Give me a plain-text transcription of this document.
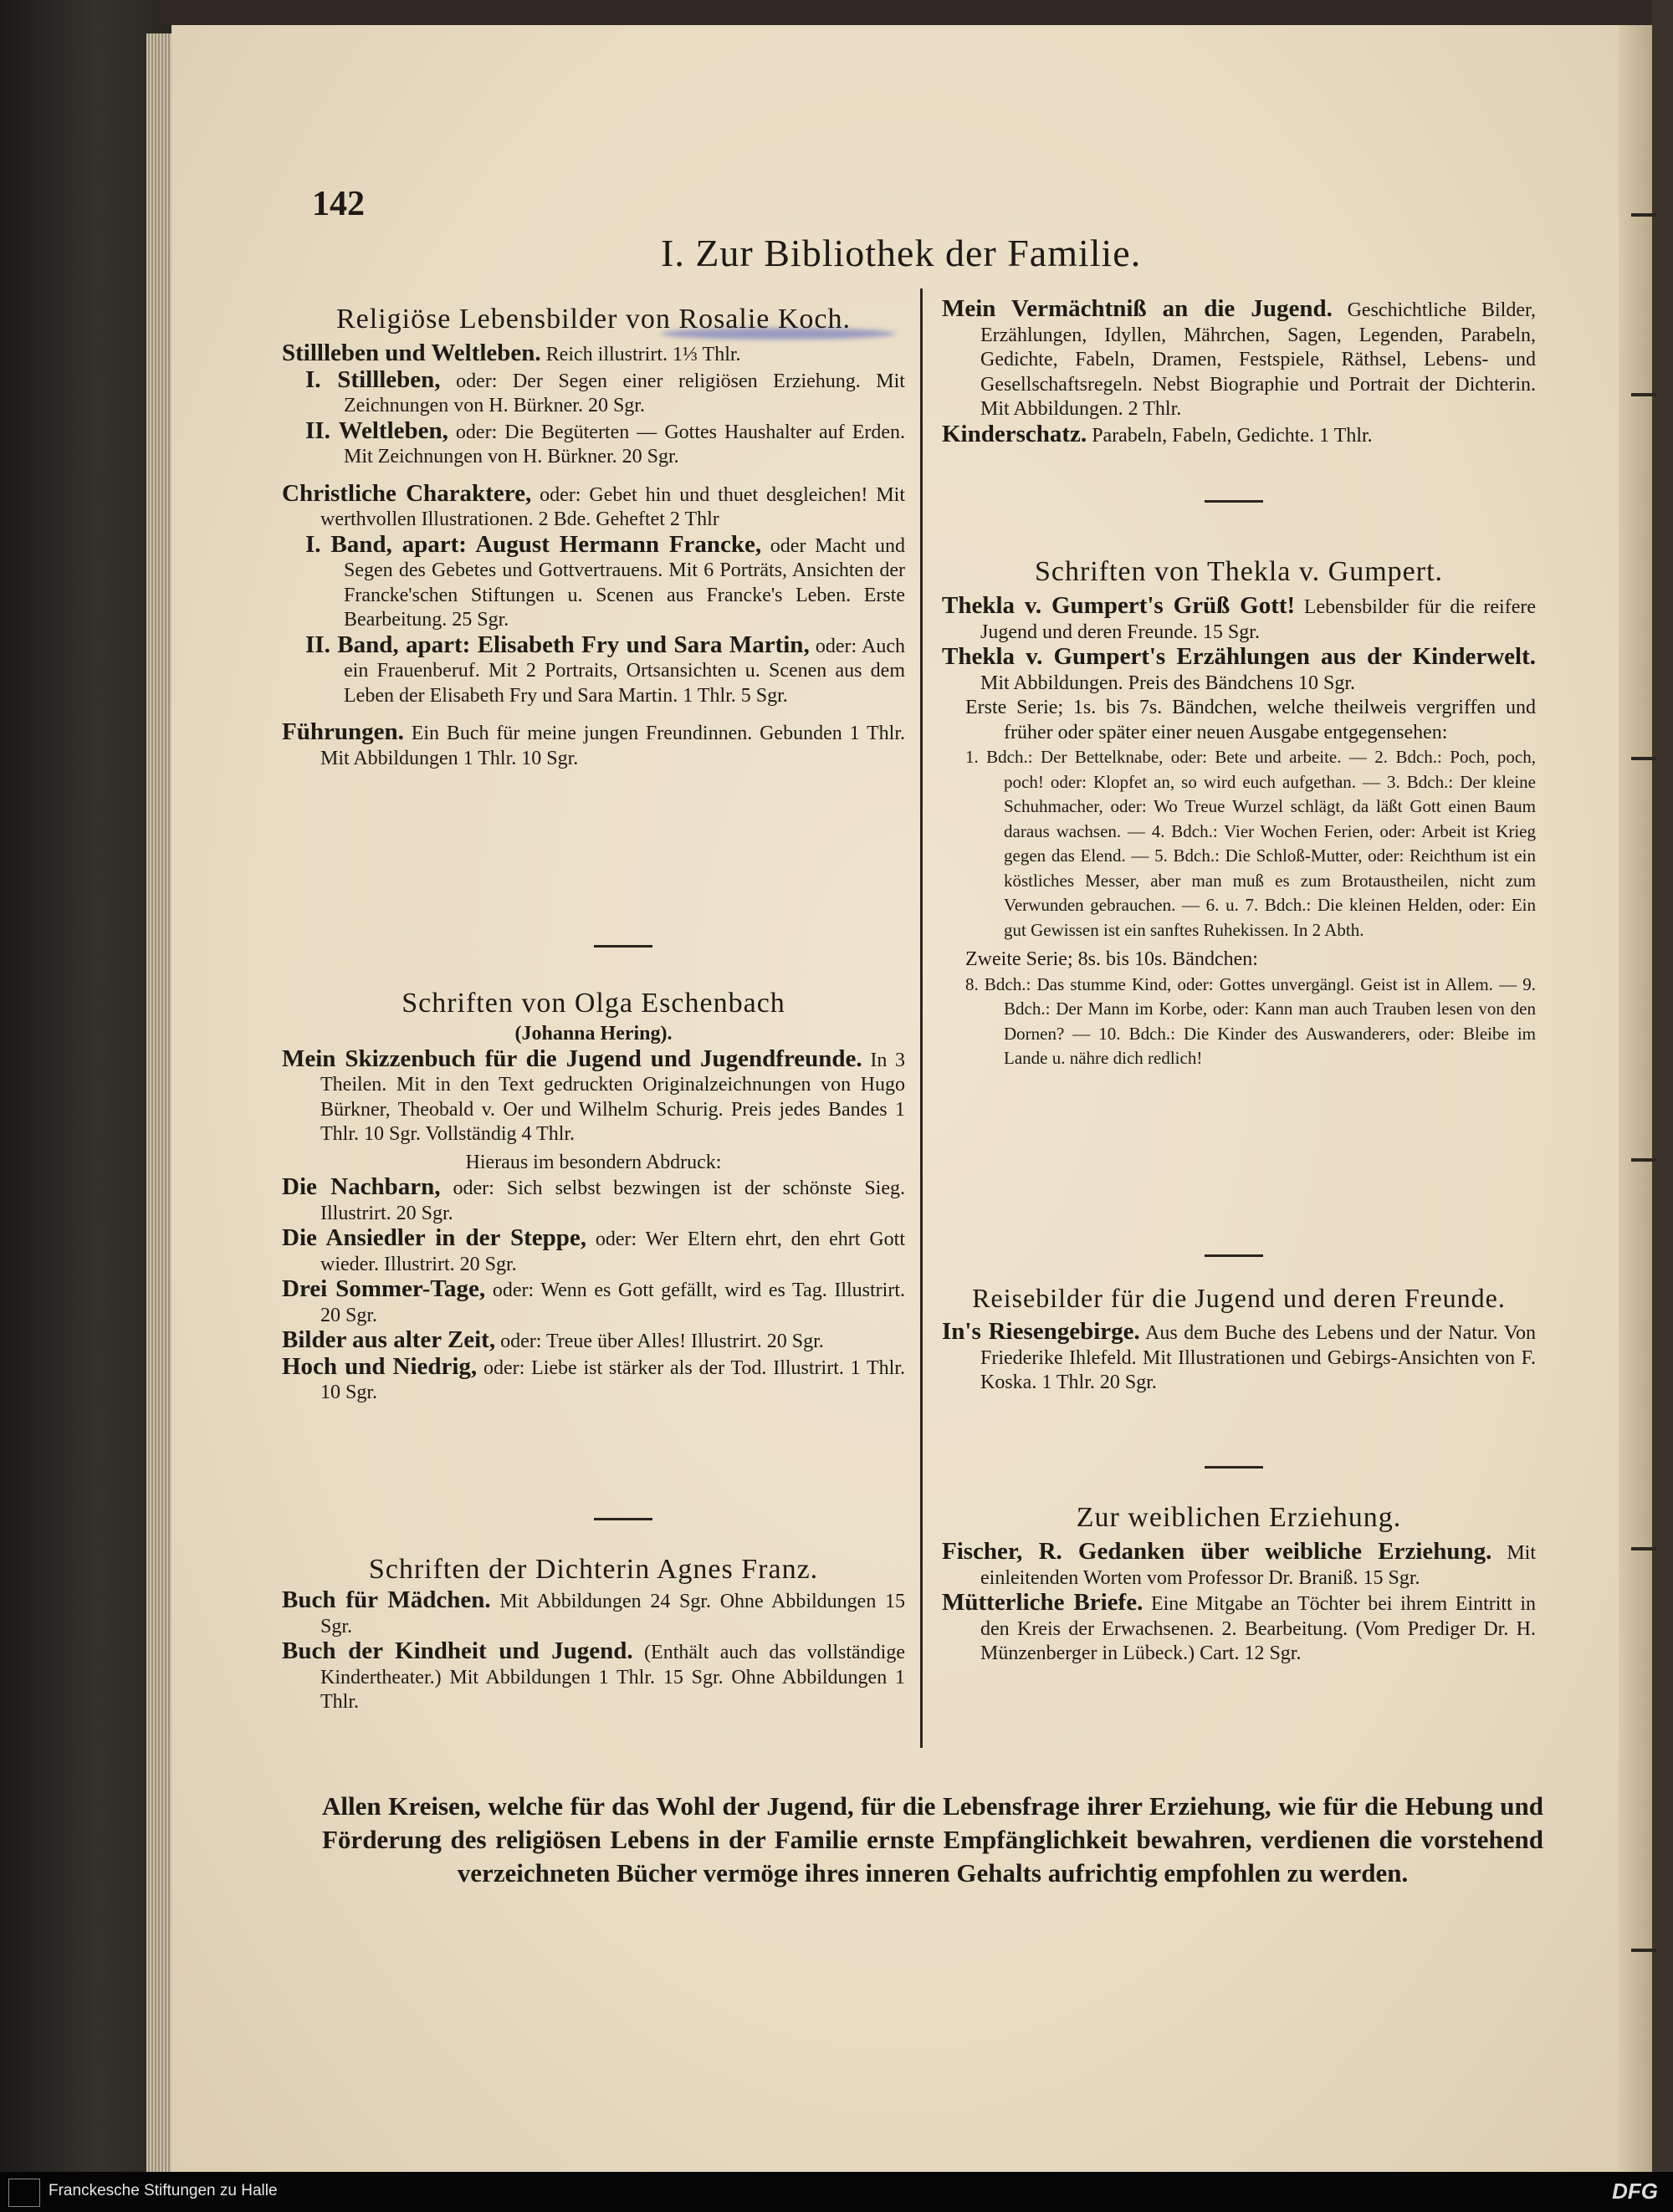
142
I. Zur Bibliothek der Familie.
Religiöse Lebensbilder von Rosalie Koch.

Stillleben und Weltleben. Reich illustrirt. 1⅓ Thlr.

I. Stillleben, oder: Der Segen einer religiösen Erziehung. Mit Zeichnungen von H. Bürkner. 20 Sgr.

II. Weltleben, oder: Die Begüterten — Gottes Haushalter auf Erden. Mit Zeichnungen von H. Bürkner. 20 Sgr.

Christliche Charaktere, oder: Gebet hin und thuet desgleichen! Mit werthvollen Illustrationen. 2 Bde. Geheftet 2 Thlr

I. Band, apart: August Hermann Francke, oder Macht und Segen des Gebetes und Gottvertrauens. Mit 6 Porträts, Ansichten der Francke'schen Stiftungen u. Scenen aus Francke's Leben. Erste Bearbeitung. 25 Sgr.

II. Band, apart: Elisabeth Fry und Sara Martin, oder: Auch ein Frauenberuf. Mit 2 Portraits, Ortsansichten u. Scenen aus dem Leben der Elisabeth Fry und Sara Martin. 1 Thlr. 5 Sgr.

Führungen. Ein Buch für meine jungen Freundinnen. Gebunden 1 Thlr. Mit Abbildungen 1 Thlr. 10 Sgr.

Schriften von Olga Eschenbach
(Johanna Hering).

Mein Skizzenbuch für die Jugend und Jugendfreunde. In 3 Theilen. Mit in den Text gedruckten Originalzeichnungen von Hugo Bürkner, Theobald v. Oer und Wilhelm Schurig. Preis jedes Bandes 1 Thlr. 10 Sgr. Vollständig 4 Thlr.

Hieraus im besondern Abdruck:

Die Nachbarn, oder: Sich selbst bezwingen ist der schönste Sieg. Illustrirt. 20 Sgr.

Die Ansiedler in der Steppe, oder: Wer Eltern ehrt, den ehrt Gott wieder. Illustrirt. 20 Sgr.

Drei Sommer-Tage, oder: Wenn es Gott gefällt, wird es Tag. Illustrirt. 20 Sgr.

Bilder aus alter Zeit, oder: Treue über Alles! Illustrirt. 20 Sgr.

Hoch und Niedrig, oder: Liebe ist stärker als der Tod. Illustrirt. 1 Thlr. 10 Sgr.

Schriften der Dichterin Agnes Franz.

Buch für Mädchen. Mit Abbildungen 24 Sgr. Ohne Abbildungen 15 Sgr.

Buch der Kindheit und Jugend. (Enthält auch das vollständige Kindertheater.) Mit Abbildungen 1 Thlr. 15 Sgr. Ohne Abbildungen 1 Thlr.

Mein Vermächtniß an die Jugend. Geschichtliche Bilder, Erzählungen, Idyllen, Mährchen, Sagen, Legenden, Parabeln, Gedichte, Fabeln, Dramen, Festspiele, Räthsel, Lebens- und Gesellschaftsregeln. Nebst Biographie und Portrait der Dichterin. Mit Abbildungen. 2 Thlr.

Kinderschatz. Parabeln, Fabeln, Gedichte. 1 Thlr.

Schriften von Thekla v. Gumpert.

Thekla v. Gumpert's Grüß Gott! Lebensbilder für die reifere Jugend und deren Freunde. 15 Sgr.

Thekla v. Gumpert's Erzählungen aus der Kinderwelt. Mit Abbildungen. Preis des Bändchens 10 Sgr.

Erste Serie; 1s. bis 7s. Bändchen, welche theilweis vergriffen und früher oder später einer neuen Ausgabe entgegensehen:

1. Bdch.: Der Bettelknabe, oder: Bete und arbeite. — 2. Bdch.: Poch, poch, poch! oder: Klopfet an, so wird euch aufgethan. — 3. Bdch.: Der kleine Schuhmacher, oder: Wo Treue Wurzel schlägt, da läßt Gott einen Baum daraus wachsen. — 4. Bdch.: Vier Wochen Ferien, oder: Arbeit ist Krieg gegen das Elend. — 5. Bdch.: Die Schloß-Mutter, oder: Reichthum ist ein köstliches Messer, aber man muß es zum Brotaustheilen, nicht zum Verwunden gebrauchen. — 6. u. 7. Bdch.: Die kleinen Helden, oder: Ein gut Gewissen ist ein sanftes Ruhekissen. In 2 Abth.

Zweite Serie; 8s. bis 10s. Bändchen:

8. Bdch.: Das stumme Kind, oder: Gottes unvergängl. Geist ist in Allem. — 9. Bdch.: Der Mann im Korbe, oder: Kann man auch Trauben lesen von den Dornen? — 10. Bdch.: Die Kinder des Auswanderers, oder: Bleibe im Lande u. nähre dich redlich!

Reisebilder für die Jugend und deren Freunde.

In's Riesengebirge. Aus dem Buche des Lebens und der Natur. Von Friederike Ihlefeld. Mit Illustrationen und Gebirgs-Ansichten von F. Koska. 1 Thlr. 20 Sgr.

Zur weiblichen Erziehung.

Fischer, R. Gedanken über weibliche Erziehung. Mit einleitenden Worten vom Professor Dr. Braniß. 15 Sgr.

Mütterliche Briefe. Eine Mitgabe an Töchter bei ihrem Eintritt in den Kreis der Erwachsenen. 2. Bearbeitung. (Vom Prediger Dr. H. Münzenberger in Lübeck.) Cart. 12 Sgr.

Allen Kreisen, welche für das Wohl der Jugend, für die Lebensfrage ihrer Erziehung, wie für die Hebung und Förderung des religiösen Lebens in der Familie ernste Empfänglichkeit bewahren, verdienen die vorstehend verzeichneten Bücher vermöge ihres inneren Gehalts aufrichtig empfohlen zu werden.
Franckesche Stiftungen zu Halle	DFG
